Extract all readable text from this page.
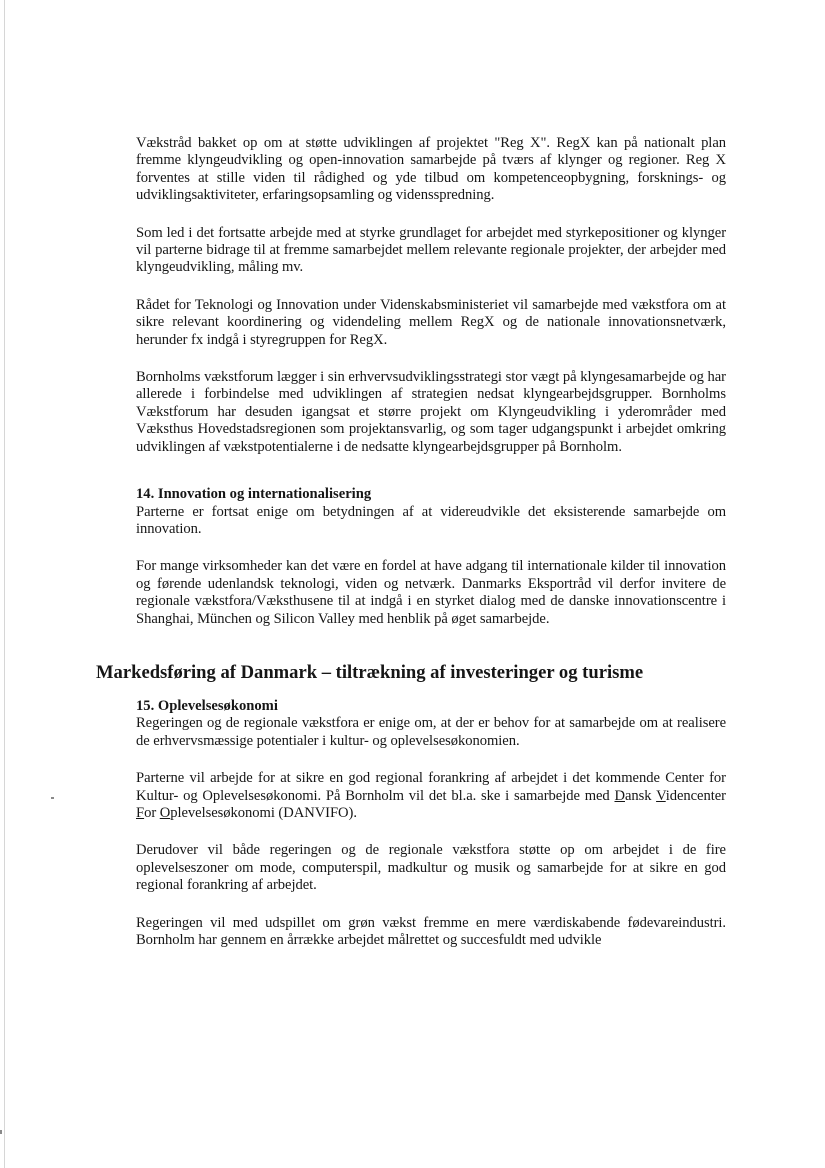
Vækstråd bakket op om at støtte udviklingen af projektet "Reg X". RegX kan på nationalt plan fremme klyngeudvikling og open-innovation samarbejde på tværs af klynger og regioner. Reg X forventes at stille viden til rådighed og yde tilbud om kompetenceopbygning, forsknings- og udviklingsaktiviteter, erfaringsopsamling og vidensspredning.

Som led i det fortsatte arbejde med at styrke grundlaget for arbejdet med styrkepositioner og klynger vil parterne bidrage til at fremme samarbejdet mellem relevante regionale projekter, der arbejder med klyngeudvikling, måling mv.

Rådet for Teknologi og Innovation under Videnskabsministeriet vil samarbejde med vækstfora om at sikre relevant koordinering og videndeling mellem RegX og de nationale innovationsnetværk, herunder fx indgå i styregruppen for RegX.

Bornholms vækstforum lægger i sin erhvervsudviklingsstrategi stor vægt på klyngesamarbejde og har allerede i forbindelse med udviklingen af strategien nedsat klyngearbejdsgrupper. Bornholms Vækstforum har desuden igangsat et større projekt om Klyngeudvikling i yderområder med Væksthus Hovedstadsregionen som projektansvarlig, og som tager udgangspunkt i arbejdet omkring udviklingen af vækstpotentialerne i de nedsatte klyngearbejdsgrupper på Bornholm.

14. Innovation og internationalisering

Parterne er fortsat enige om betydningen af at videreudvikle det eksisterende samarbejde om innovation.

For mange virksomheder kan det være en fordel at have adgang til internationale kilder til innovation og førende udenlandsk teknologi, viden og netværk. Danmarks Eksportråd vil derfor invitere de regionale vækstfora/Væksthusene til at indgå i en styrket dialog med de danske innovationscentre i Shanghai, München og Silicon Valley med henblik på øget samarbejde.

Markedsføring af Danmark – tiltrækning af investeringer og turisme
15. Oplevelsesøkonomi

Regeringen og de regionale vækstfora er enige om, at der er behov for at samarbejde om at realisere de erhvervsmæssige potentialer i kultur- og oplevelsesøkonomien.

Parterne vil arbejde for at sikre en god regional forankring af arbejdet i det kommende Center for Kultur- og Oplevelsesøkonomi. På Bornholm vil det bl.a. ske i samarbejde med Dansk Videncenter For Oplevelsesøkonomi (DANVIFO).

Derudover vil både regeringen og de regionale vækstfora støtte op om arbejdet i de fire oplevelseszoner om mode, computerspil, madkultur og musik og samarbejde for at sikre en god regional forankring af arbejdet.

Regeringen vil med udspillet om grøn vækst fremme en mere værdiskabende fødevareindustri. Bornholm har gennem en årrække arbejdet målrettet og succesfuldt med udvikle
